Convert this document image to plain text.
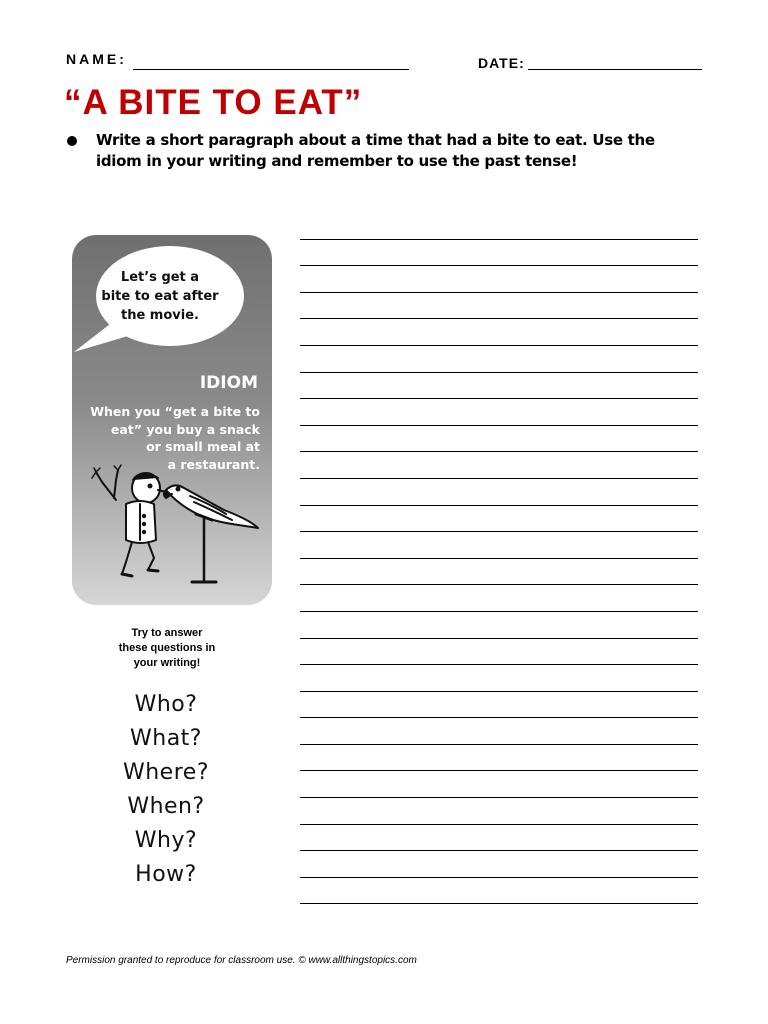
NAME:	DATE:
“A BITE TO EAT”
Write a short paragraph about a time that had a bite to eat. Use the idiom in your writing and remember to use the past tense!
Let’s get a
bite to eat after
the movie.
IDIOM
When you “get a bite to
eat” you buy a snack
or small meal at
a restaurant.
Try to answer
these questions in
your writing!
Who?
What?
Where?
When?
Why?
How?
Permission granted to reproduce for classroom use. © www.allthingstopics.com
